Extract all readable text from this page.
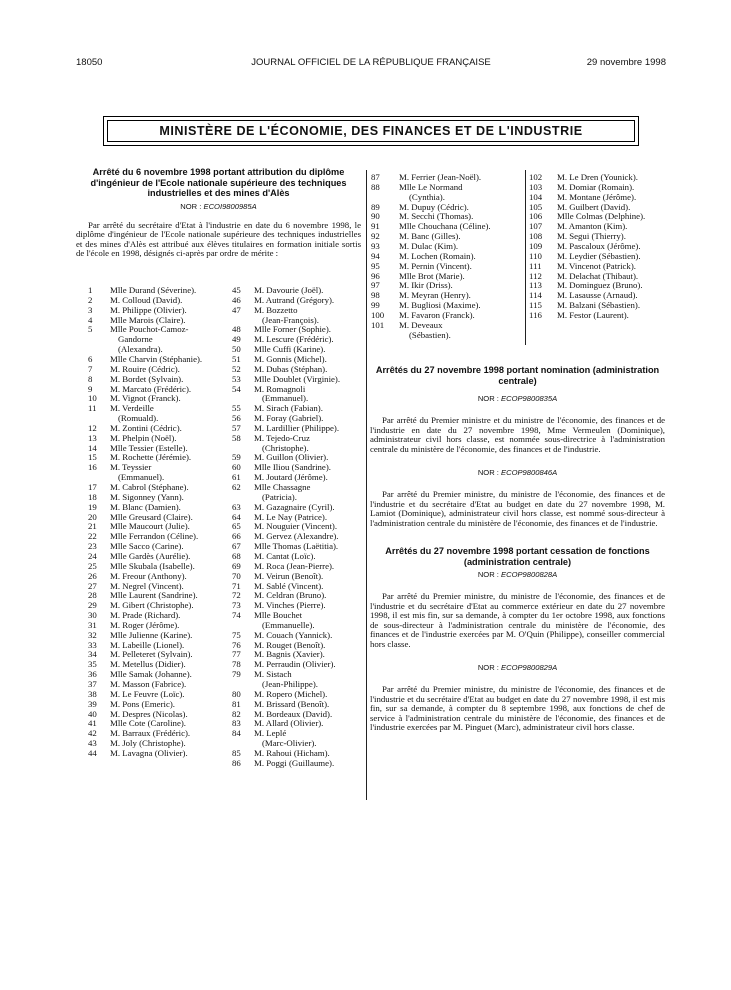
18050	JOURNAL OFFICIEL DE LA RÉPUBLIQUE FRANÇAISE	29 novembre 1998
MINISTÈRE DE L'ÉCONOMIE, DES FINANCES ET DE L'INDUSTRIE
Arrêté du 6 novembre 1998 portant attribution du diplôme d'ingénieur de l'Ecole nationale supérieure des techniques industrielles et des mines d'Alès
NOR : ECOI9800985A

Par arrêté du secrétaire d'Etat à l'industrie en date du 6 novembre 1998, le diplôme d'ingénieur de l'Ecole nationale supérieure des techniques industrielles et des mines d'Alès est attribué aux élèves titulaires en formation initiale sortis de l'école en 1998, désignés ci-après par ordre de mérite :

1	Mlle Durand (Séverine).
2	M. Colloud (David).
3	M. Philippe (Olivier).
4	Mlle Marois (Claire).
5	Mlle Pouchot-Camoz-
Gandorne
(Alexandra).
6	Mlle Charvin (Stéphanie).
7	M. Rouire (Cédric).
8	M. Bordet (Sylvain).
9	M. Marcato (Frédéric).
10	M. Vignot (Franck).
11	M. Verdeille
(Romuald).
12	M. Zontini (Cédric).
13	M. Phelpin (Noël).
14	Mlle Tessier (Estelle).
15	M. Rochette (Jérémie).
16	M. Teyssier
(Emmanuel).
17	M. Cabrol (Stéphane).
18	M. Sigonney (Yann).
19	M. Blanc (Damien).
20	Mlle Greusard (Claire).
21	Mlle Maucourt (Julie).
22	Mlle Ferrandon (Céline).
23	Mlle Sacco (Carine).
24	Mlle Gardès (Aurélie).
25	Mlle Skubala (Isabelle).
26	M. Freour (Anthony).
27	M. Negrel (Vincent).
28	Mlle Laurent (Sandrine).
29	M. Gibert (Christophe).
30	M. Prade (Richard).
31	M. Roger (Jérôme).
32	Mlle Julienne (Karine).
33	M. Labeille (Lionel).
34	M. Pelleteret (Sylvain).
35	M. Metellus (Didier).
36	Mlle Samak (Johanne).
37	M. Masson (Fabrice).
38	M. Le Feuvre (Loïc).
39	M. Pons (Emeric).
40	M. Despres (Nicolas).
41	Mlle Cote (Caroline).
42	M. Barraux (Frédéric).
43	M. Joly (Christophe).
44	M. Lavagna (Olivier).
45	M. Davourie (Joël).
46	M. Autrand (Grégory).
47	M. Bozzetto
(Jean-François).
48	Mlle Forner (Sophie).
49	M. Lescure (Frédéric).
50	Mlle Cuffi (Karine).
51	M. Gonnis (Michel).
52	M. Dubas (Stéphan).
53	Mlle Doublet (Virginie).
54	M. Romagnoli
(Emmanuel).
55	M. Sirach (Fabian).
56	M. Foray (Gabriel).
57	M. Lardillier (Philippe).
58	M. Tejedo-Cruz
(Christophe).
59	M. Guillon (Olivier).
60	Mlle Iliou (Sandrine).
61	M. Joutard (Jérôme).
62	Mlle Chassagne
(Patricia).
63	M. Gazagnaire (Cyril).
64	M. Le Nay (Patrice).
65	M. Nouguier (Vincent).
66	M. Gervez (Alexandre).
67	Mlle Thomas (Laëtitia).
68	M. Cantat (Loïc).
69	M. Roca (Jean-Pierre).
70	M. Veirun (Benoît).
71	M. Sablé (Vincent).
72	M. Celdran (Bruno).
73	M. Vinches (Pierre).
74	Mlle Bouchet
(Emmanuelle).
75	M. Couach (Yannick).
76	M. Rouget (Benoît).
77	M. Bagnis (Xavier).
78	M. Perraudin (Olivier).
79	M. Sistach
(Jean-Philippe).
80	M. Ropero (Michel).
81	M. Brissard (Benoît).
82	M. Bordeaux (David).
83	M. Allard (Olivier).
84	M. Leplé
(Marc-Olivier).
85	M. Rahoui (Hicham).
86	M. Poggi (Guillaume).
87	M. Ferrier (Jean-Noël).
88	Mlle Le Normand
(Cynthia).
89	M. Dupuy (Cédric).
90	M. Secchi (Thomas).
91	Mlle Chouchana (Céline).
92	M. Banc (Gilles).
93	M. Dulac (Kim).
94	M. Lochen (Romain).
95	M. Pernin (Vincent).
96	Mlle Brot (Marie).
97	M. Ikir (Driss).
98	M. Meyran (Henry).
99	M. Bugliosi (Maxime).
100 M. Favaron (Franck).
101 M. Deveaux
(Sébastien).
102 M. Le Dren (Younick).
103 M. Domiar (Romain).
104 M. Montane (Jérôme).
105 M. Guilbert (David).
106 Mlle Colmas (Delphine).
107 M. Amanton (Kim).
108 M. Segui (Thierry).
109 M. Pascaloux (Jérôme).
110 M. Leydier (Sébastien).
111 M. Vincenot (Patrick).
112 M. Delachat (Thibaut).
113 M. Dominguez (Bruno).
114 M. Lasausse (Arnaud).
115 M. Balzani (Sébastien).
116 M. Festor (Laurent).
Arrêtés du 27 novembre 1998 portant nomination (administration centrale)
NOR : ECOP9800835A

Par arrêté du Premier ministre et du ministre de l'économie, des finances et de l'industrie en date du 27 novembre 1998, Mme Vermeulen (Dominique), administrateur civil hors classe, est nommée sous-directrice à l'administration centrale du ministère de l'économie, des finances et de l'industrie.

NOR : ECOP9800846A

Par arrêté du Premier ministre, du ministre de l'économie, des finances et de l'industrie et du secrétaire d'Etat au budget en date du 27 novembre 1998, M. Lamiot (Dominique), administrateur civil hors classe, est nommé sous-directeur à l'administration centrale du ministère de l'économie, des finances et de l'industrie.

Arrêtés du 27 novembre 1998 portant cessation de fonctions (administration centrale)
NOR : ECOP9800828A

Par arrêté du Premier ministre, du ministre de l'économie, des finances et de l'industrie et du secrétaire d'Etat au commerce extérieur en date du 27 novembre 1998, il est mis fin, sur sa demande, à compter du 1er octobre 1998, aux fonctions de sous-directeur à l'administration centrale du ministère de l'économie, des finances et de l'industrie exercées par M. O'Quin (Philippe), conseiller commercial hors classe.

NOR : ECOP9800829A

Par arrêté du Premier ministre, du ministre de l'économie, des finances et de l'industrie et du secrétaire d'Etat au budget en date du 27 novembre 1998, il est mis fin, sur sa demande, à compter du 8 septembre 1998, aux fonctions de chef de service à l'administration centrale du ministère de l'économie, des finances et de l'industrie exercées par M. Pinguet (Marc), administrateur civil hors classe.
